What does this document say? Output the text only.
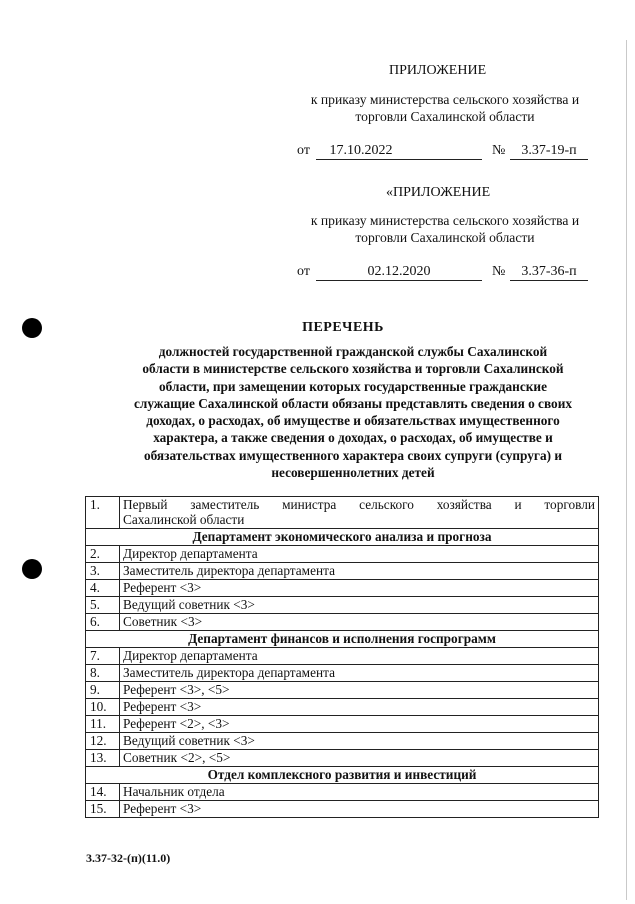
ПРИЛОЖЕНИЕ
к приказу министерства сельского хозяйства и
торговли Сахалинской области
от	17.10.2022	№	3.37-19-п
«ПРИЛОЖЕНИЕ
к приказу министерства сельского хозяйства и
торговли Сахалинской области
от	02.12.2020	№	3.37-36-п
ПЕРЕЧЕНЬ
должностей государственной гражданской службы Сахалинской
области в министерстве сельского хозяйства и торговли Сахалинской
области, при замещении которых государственные гражданские
служащие Сахалинской области обязаны представлять сведения о своих
доходах, о расходах, об имуществе и обязательствах имущественного
характера, а также сведения о доходах, о расходах, об имуществе и
обязательствах имущественного характера своих супруги (супруга) и
несовершеннолетних детей
1.	Первый заместитель министра сельского хозяйства и торговли
Сахалинской области

Департамент экономического анализа и прогноза	
2.	Директор департамента
3.	Заместитель директора департамента
4.	Референт <3>
5.	Ведущий советник <3>
6.	Советник <3>
Департамент финансов и исполнения госпрограмм	
7.	Директор департамента
8.	Заместитель директора департамента
9.	Референт <3>, <5>
10.	Референт <3>
11.	Референт <2>, <3>
12.	Ведущий советник <3>
13.	Советник <2>, <5>
Отдел комплексного развития и инвестиций	
14.	Начальник отдела
15.	Референт <3>
3.37-32-(п)(11.0)
